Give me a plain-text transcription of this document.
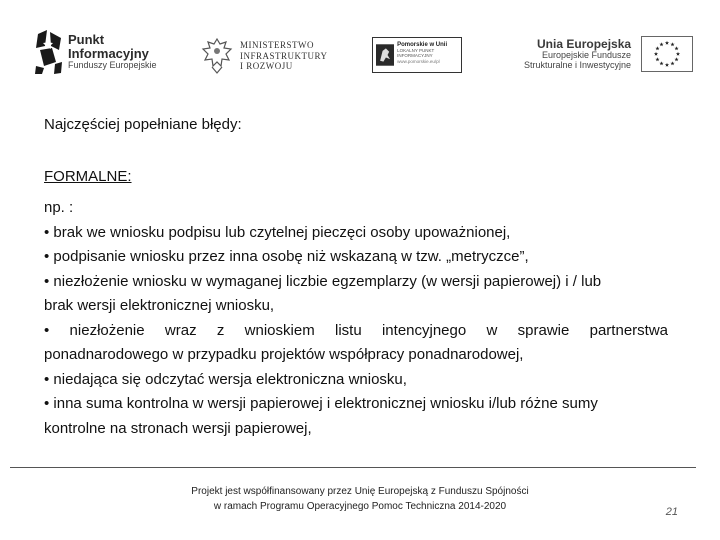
Punkt
Informacyjny
Funduszy Europejskie
MINISTERSTWO
INFRASTRUKTURY
I ROZWOJU
Pomorskie w Unii
LOKALNY PUNKT INFORMACYJNY
www.pomorskie.eu/pl
Unia Europejska
Europejskie Fundusze
Strukturalne i Inwestycyjne
Najczęściej popełniane błędy:
FORMALNE:

np. :

• brak we wniosku podpisu lub czytelnej pieczęci osoby upoważnionej,

• podpisanie wniosku przez inna osobę niż wskazaną w tzw. „metryczce”,

• niezłożenie wniosku w wymaganej liczbie egzemplarzy (w wersji papierowej) i / lub

brak wersji elektronicznej wniosku,

• niezłożenie wraz z wnioskiem listu intencyjnego w sprawie partnerstwa

ponadnarodowego w przypadku projektów współpracy ponadnarodowej,

• niedająca się odczytać wersja elektroniczna wniosku,

• inna suma kontrolna w wersji papierowej i elektronicznej wniosku i/lub różne sumy

kontrolne na stronach wersji papierowej,

Projekt jest współfinansowany przez Unię Europejską z Funduszu Spójności
w ramach Programu Operacyjnego Pomoc Techniczna 2014-2020	21
